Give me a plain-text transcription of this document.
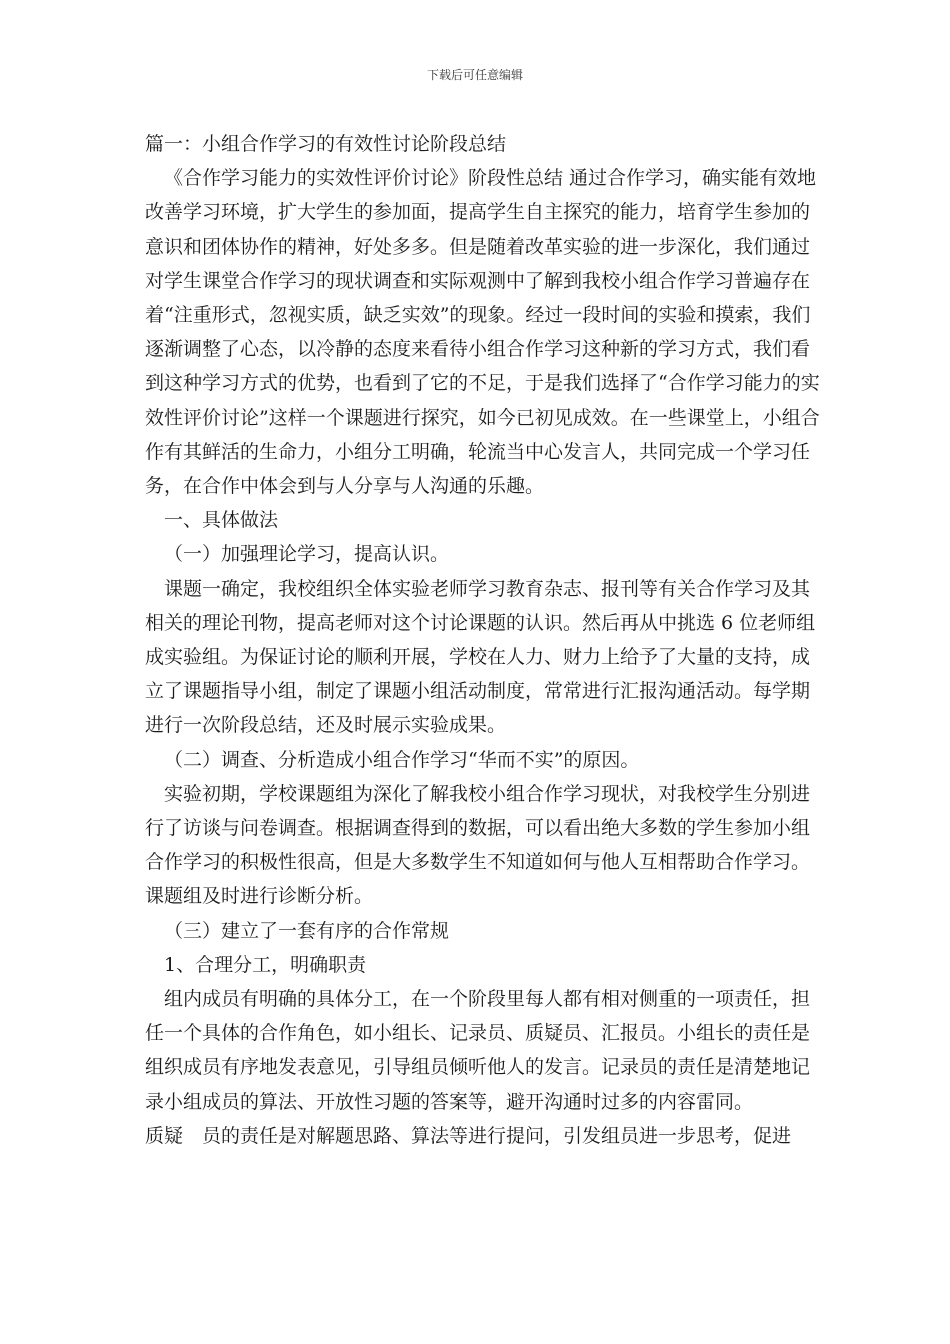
下载后可任意编辑

篇一：小组合作学习的有效性讨论阶段总结

《合作学习能力的实效性评价讨论》阶段性总结 通过合作学习，确实能有效地改善学习环境，扩大学生的参加面，提高学生自主探究的能力，培育学生参加的意识和团体协作的精神，好处多多。但是随着改革实验的进一步深化，我们通过对学生课堂合作学习的现状调查和实际观测中了解到我校小组合作学习普遍存在着“注重形式，忽视实质，缺乏实效”的现象。经过一段时间的实验和摸索，我们逐渐调整了心态，以冷静的态度来看待小组合作学习这种新的学习方式，我们看到这种学习方式的优势，也看到了它的不足，于是我们选择了“合作学习能力的实效性评价讨论”这样一个课题进行探究，如今已初见成效。在一些课堂上，小组合作有其鲜活的生命力，小组分工明确，轮流当中心发言人，共同完成一个学习任务，在合作中体会到与人分享与人沟通的乐趣。

一、具体做法

（一）加强理论学习，提高认识。

课题一确定，我校组织全体实验老师学习教育杂志、报刊等有关合作学习及其相关的理论刊物，提高老师对这个讨论课题的认识。然后再从中挑选 6 位老师组成实验组。为保证讨论的顺利开展，学校在人力、财力上给予了大量的支持，成立了课题指导小组，制定了课题小组活动制度，常常进行汇报沟通活动。每学期进行一次阶段总结，还及时展示实验成果。

（二）调查、分析造成小组合作学习“华而不实”的原因。

实验初期，学校课题组为深化了解我校小组合作学习现状，对我校学生分别进行了访谈与问卷调查。根据调查得到的数据，可以看出绝大多数的学生参加小组合作学习的积极性很高，但是大多数学生不知道如何与他人互相帮助合作学习。课题组及时进行诊断分析。

（三）建立了一套有序的合作常规

1、合理分工，明确职责

组内成员有明确的具体分工，在一个阶段里每人都有相对侧重的一项责任，担任一个具体的合作角色，如小组长、记录员、质疑员、汇报员。小组长的责任是组织成员有序地发表意见，引导组员倾听他人的发言。记录员的责任是清楚地记录小组成员的算法、开放性习题的答案等，避开沟通时过多的内容雷同。

质疑 员的责任是对解题思路、算法等进行提问，引发组员进一步思考，促进
